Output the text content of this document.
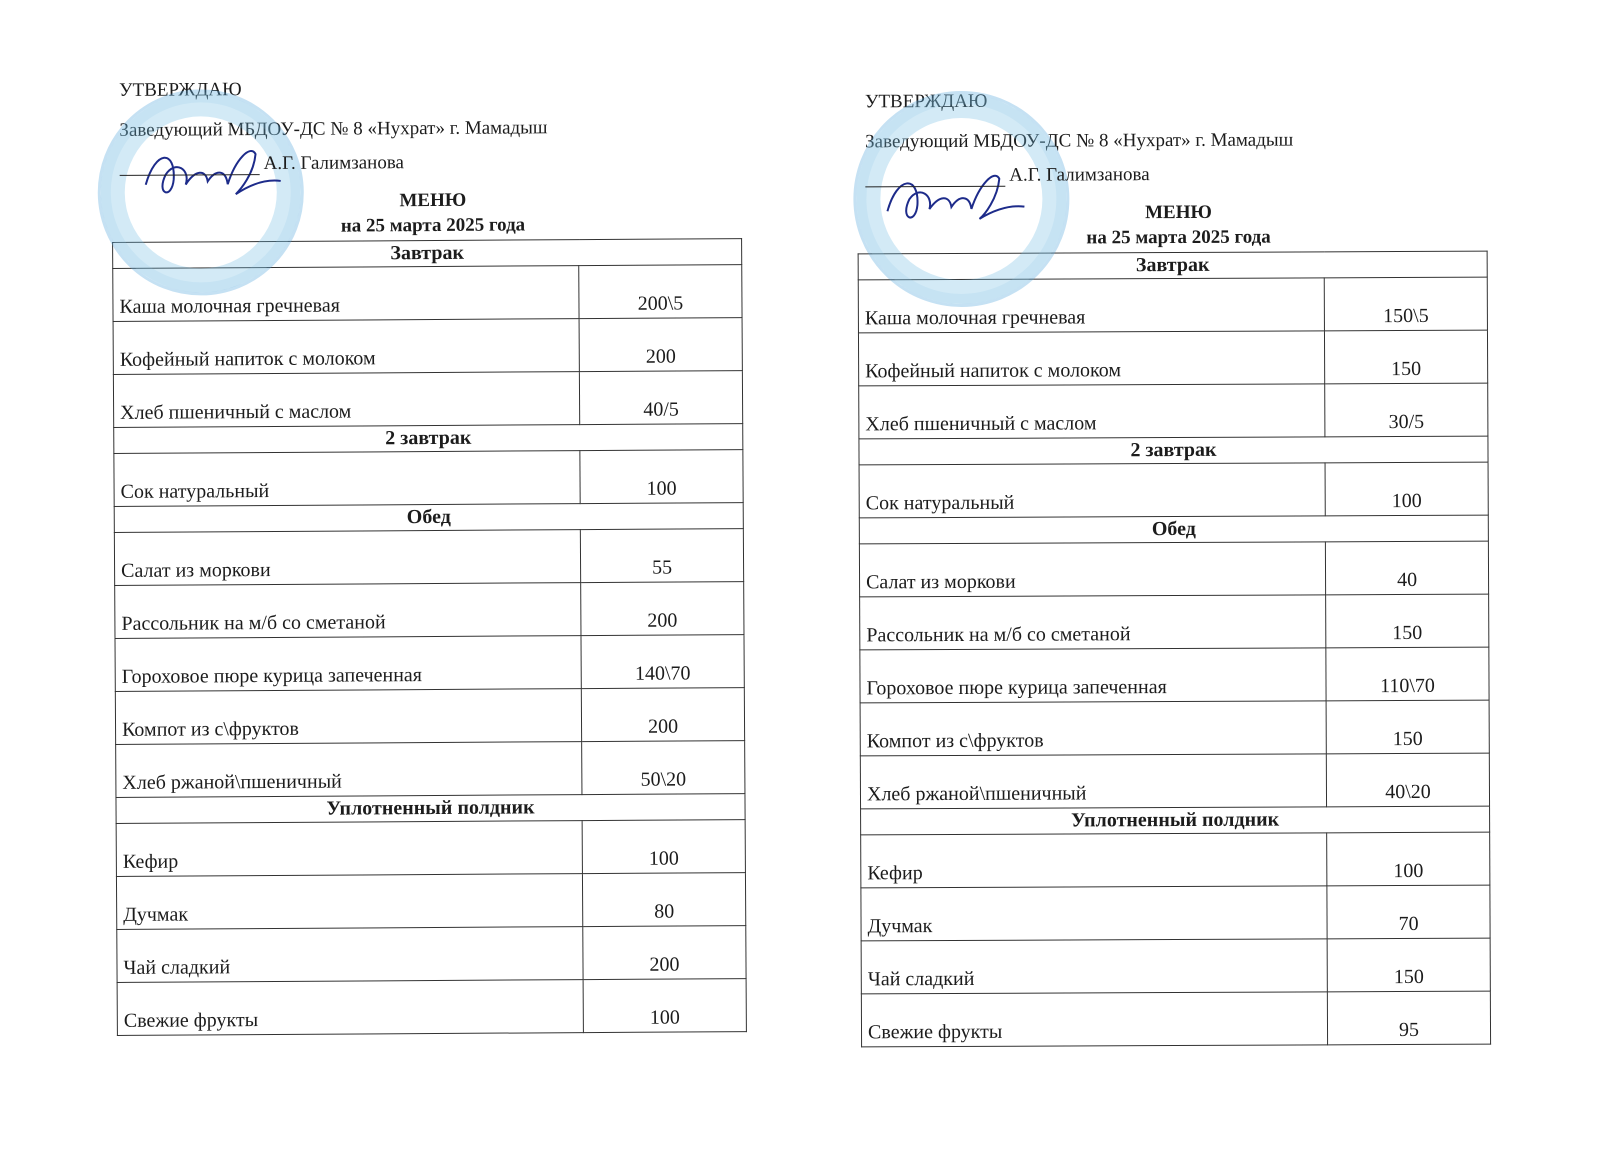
УТВЕРЖДАЮ
Заведующий МБДОУ-ДС № 8 «Нухрат» г. Мамадыш
А.Г. Галимзанова
МЕНЮ
на 25 марта 2025 года
Завтрак	
Каша молочная гречневая	200\5
Кофейный напиток с молоком	200
Хлеб пшеничный с маслом	40/5
2 завтрак	
Сок натуральный	100
Обед	
Салат из моркови	55
Рассольник на м/б со сметаной	200
Гороховое пюре курица запеченная	140\70
Компот из с\фруктов	200
Хлеб ржаной\пшеничный	50\20
Уплотненный полдник	
Кефир	100
Дучмак	80
Чай сладкий	200
Свежие фрукты	100
УТВЕРЖДАЮ
Заведующий МБДОУ-ДС № 8 «Нухрат» г. Мамадыш
А.Г. Галимзанова
МЕНЮ
на 25 марта 2025 года
Завтрак	
Каша молочная гречневая	150\5
Кофейный напиток с молоком	150
Хлеб пшеничный с маслом	30/5
2 завтрак	
Сок натуральный	100
Обед	
Салат из моркови	40
Рассольник на м/б со сметаной	150
Гороховое пюре курица запеченная	110\70
Компот из с\фруктов	150
Хлеб ржаной\пшеничный	40\20
Уплотненный полдник	
Кефир	100
Дучмак	70
Чай сладкий	150
Свежие фрукты	95
